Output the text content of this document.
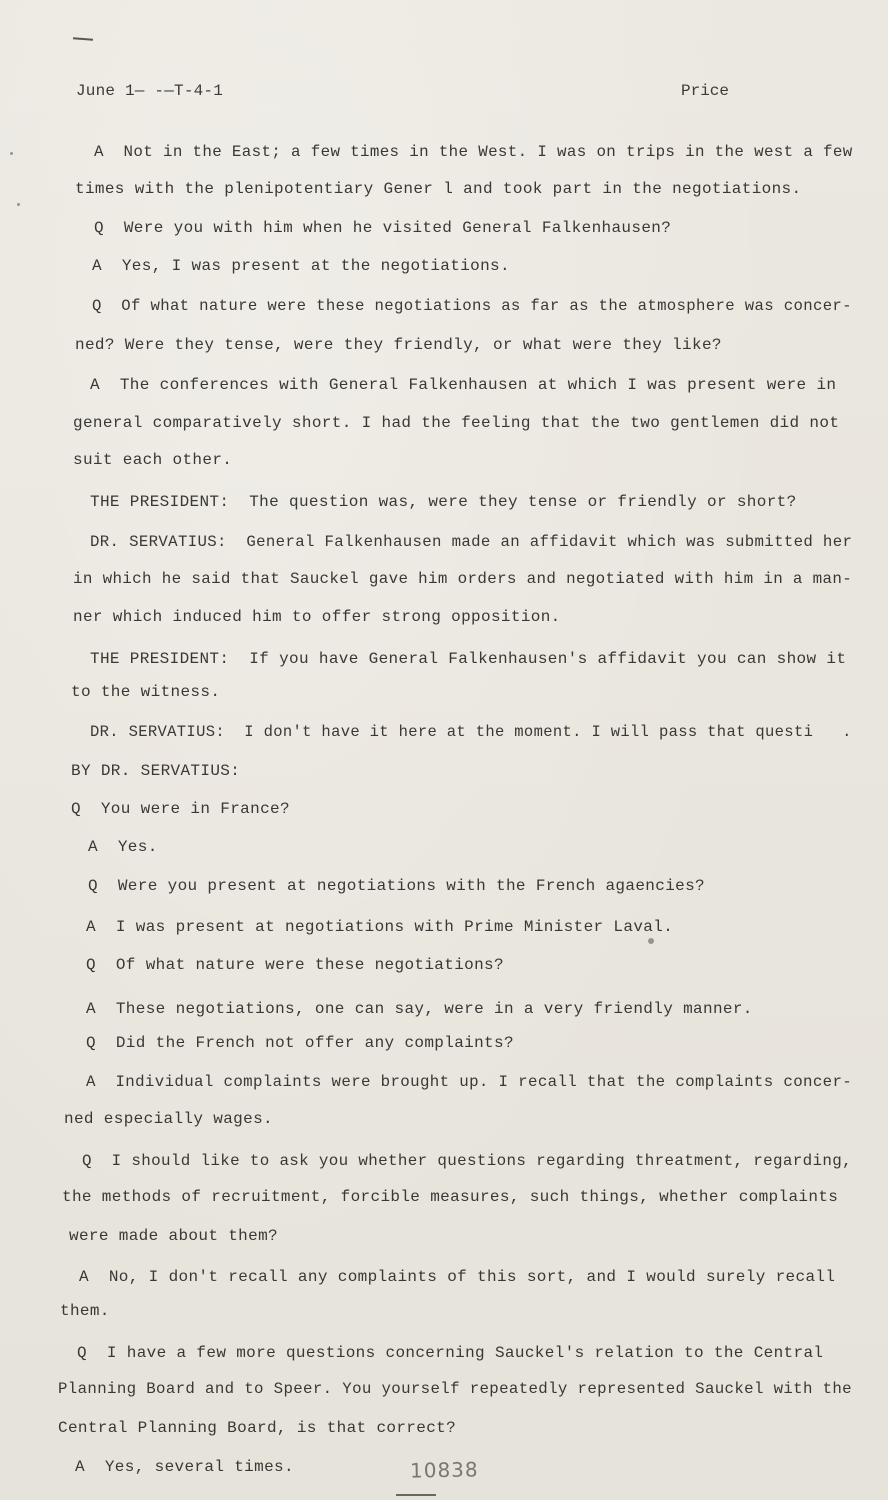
June 1— -—T-4-1	Price
A  Not in the East; a few times in the West. I was on trips in the west a few
times with the plenipotentiary Gener l and took part in the negotiations.
Q  Were you with him when he visited General Falkenhausen?
A  Yes, I was present at the negotiations.
Q  Of what nature were these negotiations as far as the atmosphere was concer-
ned? Were they tense, were they friendly, or what were they like?
A  The conferences with General Falkenhausen at which I was present were in
general comparatively short. I had the feeling that the two gentlemen did not
suit each other.
THE PRESIDENT:  The question was, were they tense or friendly or short?
DR. SERVATIUS:  General Falkenhausen made an affidavit which was submitted her
in which he said that Sauckel gave him orders and negotiated with him in a man-
ner which induced him to offer strong opposition.
THE PRESIDENT:  If you have General Falkenhausen's affidavit you can show it
to the witness.
DR. SERVATIUS:  I don't have it here at the moment. I will pass that questi   .
BY DR. SERVATIUS:
Q  You were in France?
A  Yes.
Q  Were you present at negotiations with the French agaencies?
A  I was present at negotiations with Prime Minister Laval.
Q  Of what nature were these negotiations?
A  These negotiations, one can say, were in a very friendly manner.
Q  Did the French not offer any complaints?
A  Individual complaints were brought up. I recall that the complaints concer-
ned especially wages.
Q  I should like to ask you whether questions regarding threatment, regarding,
the methods of recruitment, forcible measures, such things, whether complaints
were made about them?
A  No, I don't recall any complaints of this sort, and I would surely recall
them.
Q  I have a few more questions concerning Sauckel's relation to the Central
Planning Board and to Speer. You yourself repeatedly represented Sauckel with the
Central Planning Board, is that correct?
A  Yes, several times.	10838
